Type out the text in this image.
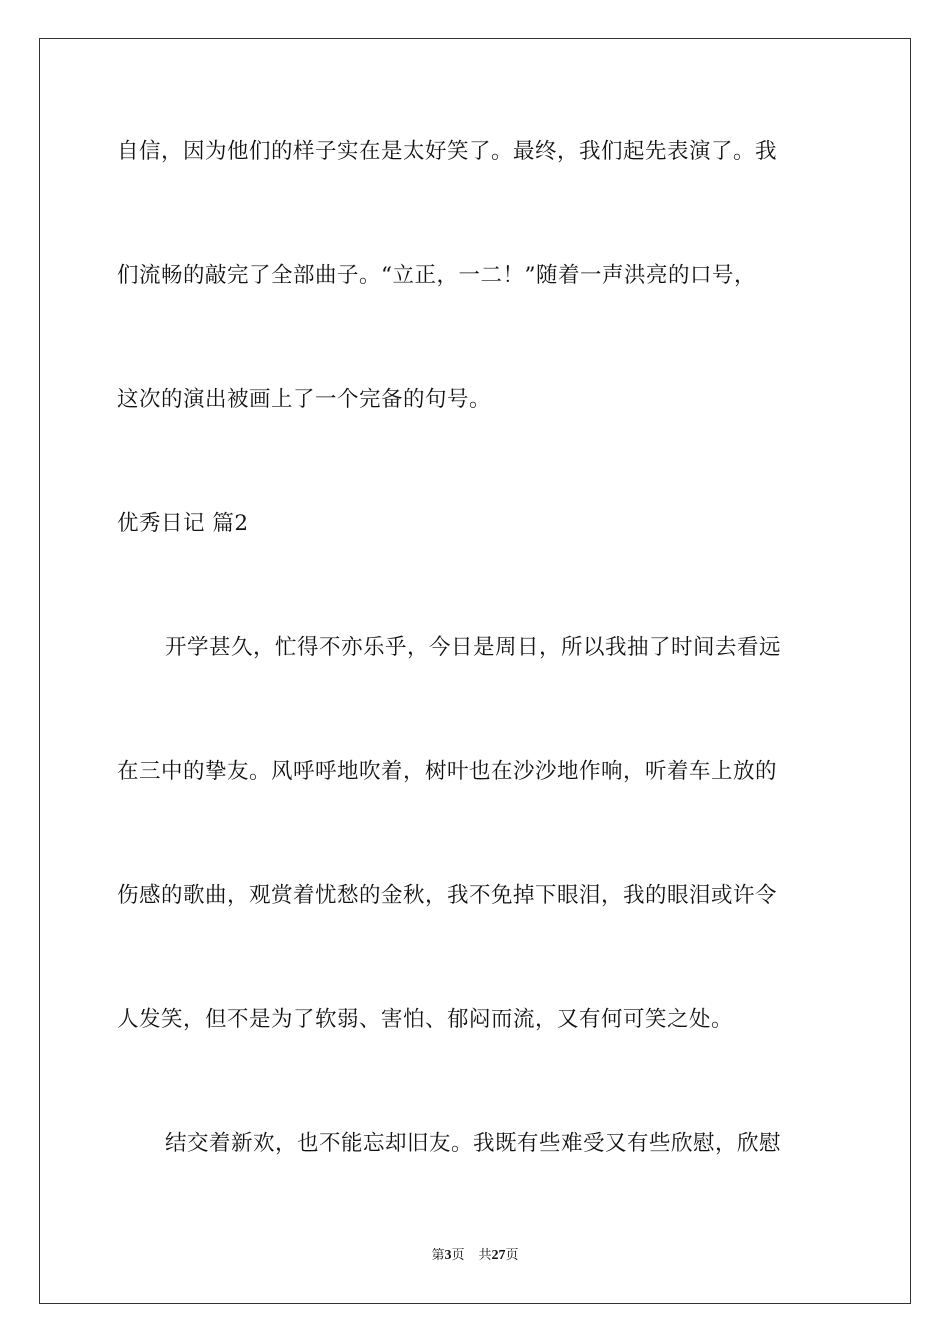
自信，因为他们的样子实在是太好笑了。最终，我们起先表演了。我
们流畅的敲完了全部曲子。“立正，一二！”随着一声洪亮的口号，
这次的演出被画上了一个完备的句号。
优秀日记 篇2
开学甚久，忙得不亦乐乎，今日是周日，所以我抽了时间去看远
在三中的挚友。风呼呼地吹着，树叶也在沙沙地作响，听着车上放的
伤感的歌曲，观赏着忧愁的金秋，我不免掉下眼泪，我的眼泪或许令
人发笑，但不是为了软弱、害怕、郁闷而流，又有何可笑之处。
结交着新欢，也不能忘却旧友。我既有些难受又有些欣慰，欣慰
第3页 共27页
